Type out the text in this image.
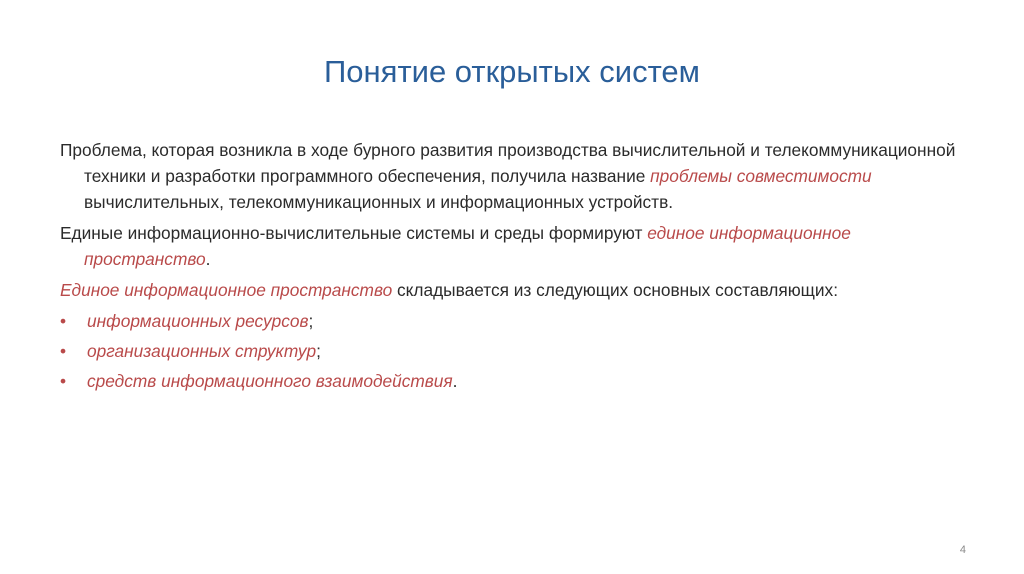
Понятие открытых систем

Проблема, которая возникла в ходе бурного развития производства вычислительной и телекоммуникационной техники и разработки программного обеспечения, получила название проблемы совместимости вычислительных, телекоммуникационных и информационных устройств.

Единые информационно-вычислительные системы и среды формируют единое информационное пространство.

Единое информационное пространство складывается из следующих основных составляющих:

• информационных ресурсов;
• организационных структур;
• средств информационного взаимодействия.
4
